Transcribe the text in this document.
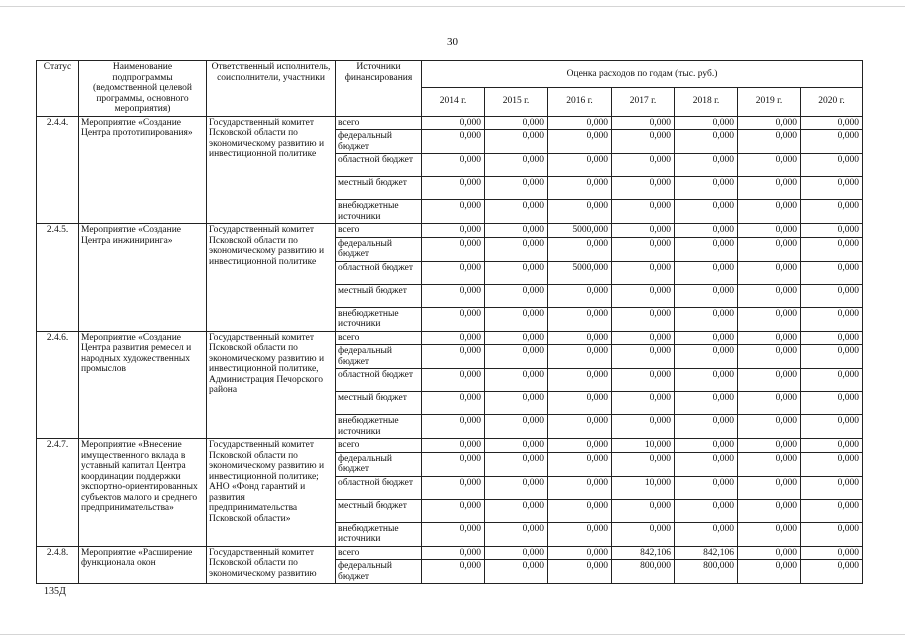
30
Статус	Наименование подпрограммы (ведомственной целевой программы, основного мероприятия)	Ответственный исполнитель, соисполнители, участники	Источники финансирования	Оценка расходов по годам (тыс. руб.)						
				2014 г.	2015 г.	2016 г.	2017 г.	2018 г.	2019 г.	2020 г.
2.4.4.	Мероприятие «Создание Центра прототипирования»	Государственный комитет Псковской области по экономическому развитию и инвестиционной политике	всего	0,000	0,000	0,000	0,000	0,000	0,000	0,000
			федеральный бюджет	0,000	0,000	0,000	0,000	0,000	0,000	0,000
			областной бюджет	0,000	0,000	0,000	0,000	0,000	0,000	0,000
			местный бюджет	0,000	0,000	0,000	0,000	0,000	0,000	0,000
			внебюджетные источники	0,000	0,000	0,000	0,000	0,000	0,000	0,000
2.4.5.	Мероприятие «Создание Центра инжиниринга»	Государственный комитет Псковской области по экономическому развитию и инвестиционной политике	всего	0,000	0,000	5000,000	0,000	0,000	0,000	0,000
			федеральный бюджет	0,000	0,000	0,000	0,000	0,000	0,000	0,000
			областной бюджет	0,000	0,000	5000,000	0,000	0,000	0,000	0,000
			местный бюджет	0,000	0,000	0,000	0,000	0,000	0,000	0,000
			внебюджетные источники	0,000	0,000	0,000	0,000	0,000	0,000	0,000
2.4.6.	Мероприятие «Создание Центра развития ремесел и народных художественных промыслов	Государственный комитет Псковской области по экономическому развитию и инвестиционной политике, Администрация Печорского района	всего	0,000	0,000	0,000	0,000	0,000	0,000	0,000
			федеральный бюджет	0,000	0,000	0,000	0,000	0,000	0,000	0,000
			областной бюджет	0,000	0,000	0,000	0,000	0,000	0,000	0,000
			местный бюджет	0,000	0,000	0,000	0,000	0,000	0,000	0,000
			внебюджетные источники	0,000	0,000	0,000	0,000	0,000	0,000	0,000
2.4.7.	Мероприятие «Внесение имущественного вклада в уставный капитал Центра координации поддержки экспортно-ориентированных субъектов малого и среднего предпринимательства»	Государственный комитет Псковской области по экономическому развитию и инвестиционной политике; АНО «Фонд гарантий и развития предпринимательства Псковской области»	всего	0,000	0,000	0,000	10,000	0,000	0,000	0,000
			федеральный бюджет	0,000	0,000	0,000	0,000	0,000	0,000	0,000
			областной бюджет	0,000	0,000	0,000	10,000	0,000	0,000	0,000
			местный бюджет	0,000	0,000	0,000	0,000	0,000	0,000	0,000
			внебюджетные источники	0,000	0,000	0,000	0,000	0,000	0,000	0,000
2.4.8.	Мероприятие «Расширение функционала окон	Государственный комитет Псковской области по экономическому развитию	всего	0,000	0,000	0,000	842,106	842,106	0,000	0,000
			федеральный бюджет	0,000	0,000	0,000	800,000	800,000	0,000	0,000
135Д
